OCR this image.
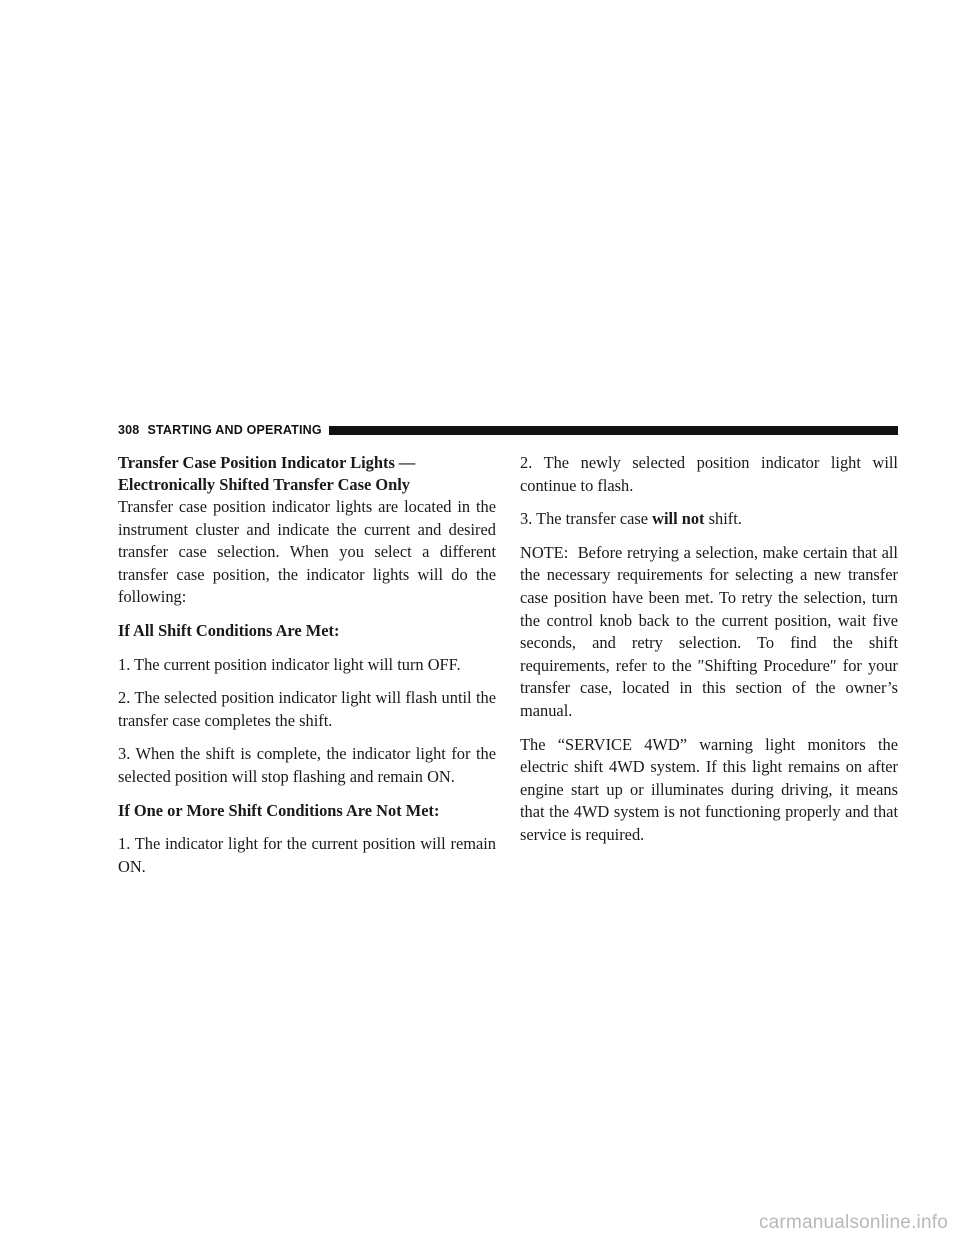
308 STARTING AND OPERATING
Transfer Case Position Indicator Lights —
Electronically Shifted Transfer Case Only

Transfer case position indicator lights are located in the instrument cluster and indicate the current and desired transfer case selection. When you select a different transfer case position, the indicator lights will do the following:

If All Shift Conditions Are Met:

1. The current position indicator light will turn OFF.

2. The selected position indicator light will flash until the transfer case completes the shift.

3. When the shift is complete, the indicator light for the selected position will stop flashing and remain ON.

If One or More Shift Conditions Are Not Met:

1. The indicator light for the current position will remain ON.

2. The newly selected position indicator light will continue to flash.

3. The transfer case will not shift.

NOTE: Before retrying a selection, make certain that all the necessary requirements for selecting a new transfer case position have been met. To retry the selection, turn the control knob back to the current position, wait five seconds, and retry selection. To find the shift requirements, refer to the ″Shifting Procedure″ for your transfer case, located in this section of the owner’s manual.

The “SERVICE 4WD” warning light monitors the electric shift 4WD system. If this light remains on after engine start up or illuminates during driving, it means that the 4WD system is not functioning properly and that service is required.

carmanualsonline.info
